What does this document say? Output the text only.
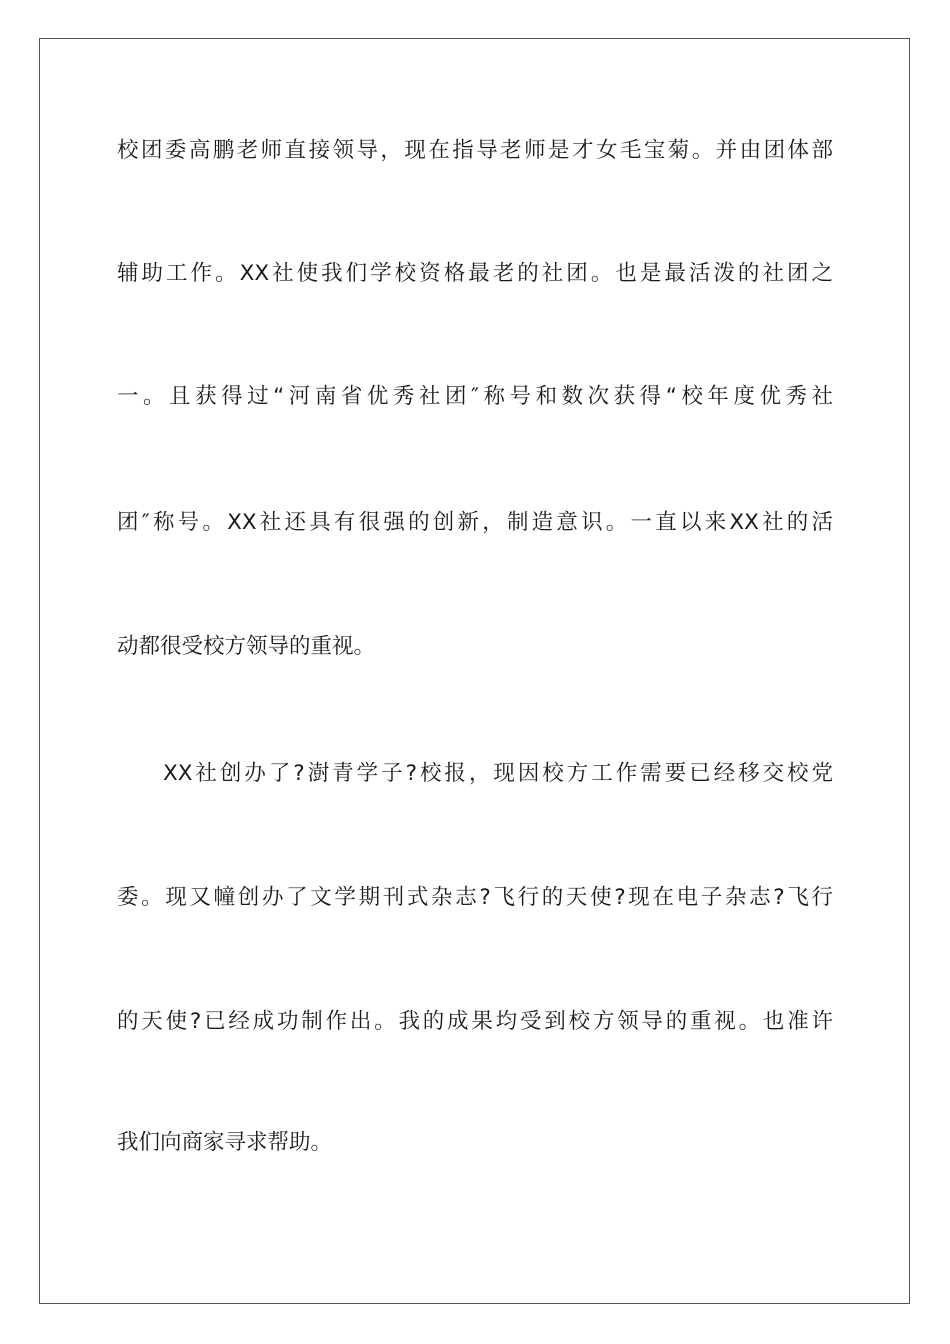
校团委高鹏老师直接领导，现在指导老师是才女毛宝菊。并由团体部
辅助工作。XX社使我们学校资格最老的社团。也是最活泼的社团之
一。且获得过“河南省优秀社团″称号和数次获得“校年度优秀社
团″称号。XX社还具有很强的创新，制造意识。一直以来XX社的活
动都很受校方领导的重视。
XX社创办了?澍青学子?校报，现因校方工作需要已经移交校党
委。现又幢创办了文学期刊式杂志?飞行的天使?现在电子杂志?飞行
的天使?已经成功制作出。我的成果均受到校方领导的重视。也准许
我们向商家寻求帮助。
